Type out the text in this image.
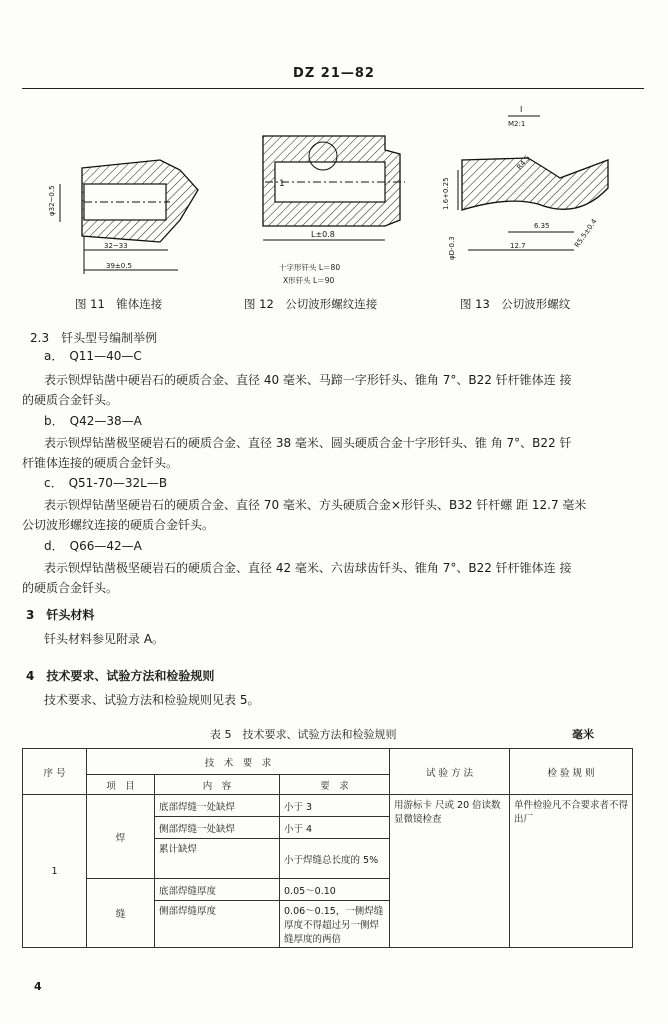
DZ 21—82
φ32~0.5
32~33
39±0.5
图 11　锥体连接
1
L±0.8
十字形钎头 L＝80
X形钎头 L＝90
图 12　公切波形螺纹连接
I
M2:1
1.6+0.25
R4.5
6.35
12.7	R5.5±0.4
φD-0.3
图 13　公切波形螺纹
2.3　钎头型号编制举例
a．　Q11—40—C
表示钡焊钻凿中硬岩石的硬质合金、直径 40 毫米、马蹄一字形钎头、锥角 7°、B22 钎杆锥体连 接
的硬质合金钎头。
b．　Q42—38—A
表示钡焊钻凿极坚硬岩石的硬质合金、直径 38 毫米、圆头硬质合金十字形钎头、锥 角 7°、B22 钎
杆锥体连接的硬质合金钎头。
c．　Q51-70—32L—B
表示钡焊钻凿坚硬岩石的硬质合金、直径 70 毫米、方头硬质合金×形钎头、B32 钎杆螺 距 12.7 毫米
公切波形螺纹连接的硬质合金钎头。
d．　Q66—42—A
表示钡焊钻凿极坚硬岩石的硬质合金、直径 42 毫米、六齿球齿钎头、锥角 7°、B22 钎杆锥体连 接
的硬质合金钎头。
3　钎头材料
钎头材料参见附录 A。
4　技术要求、试验方法和检验规则
技术要求、试验方法和检验规则见表 5。
表 5　技术要求、试验方法和检验规则	毫米
序 号	技　术　要　求			试 验 方 法	检 验 规 则
	项　目	内　容	要　求		
1	焊	底部焊缝一处缺焊	小于 3	用游标卡 尺或 20 倍读数显微镜检查	单件检验凡不合要求者不得出厂
		侧部焊缝一处缺焊	小于 4		
		累计缺焊	小于焊缝总长度的 5%		
	缝	底部焊缝厚度	0.05～0.10		
		侧部焊缝厚度	0.06～0.15，一侧焊缝厚度不得超过另一侧焊缝厚度的两倍		
4
